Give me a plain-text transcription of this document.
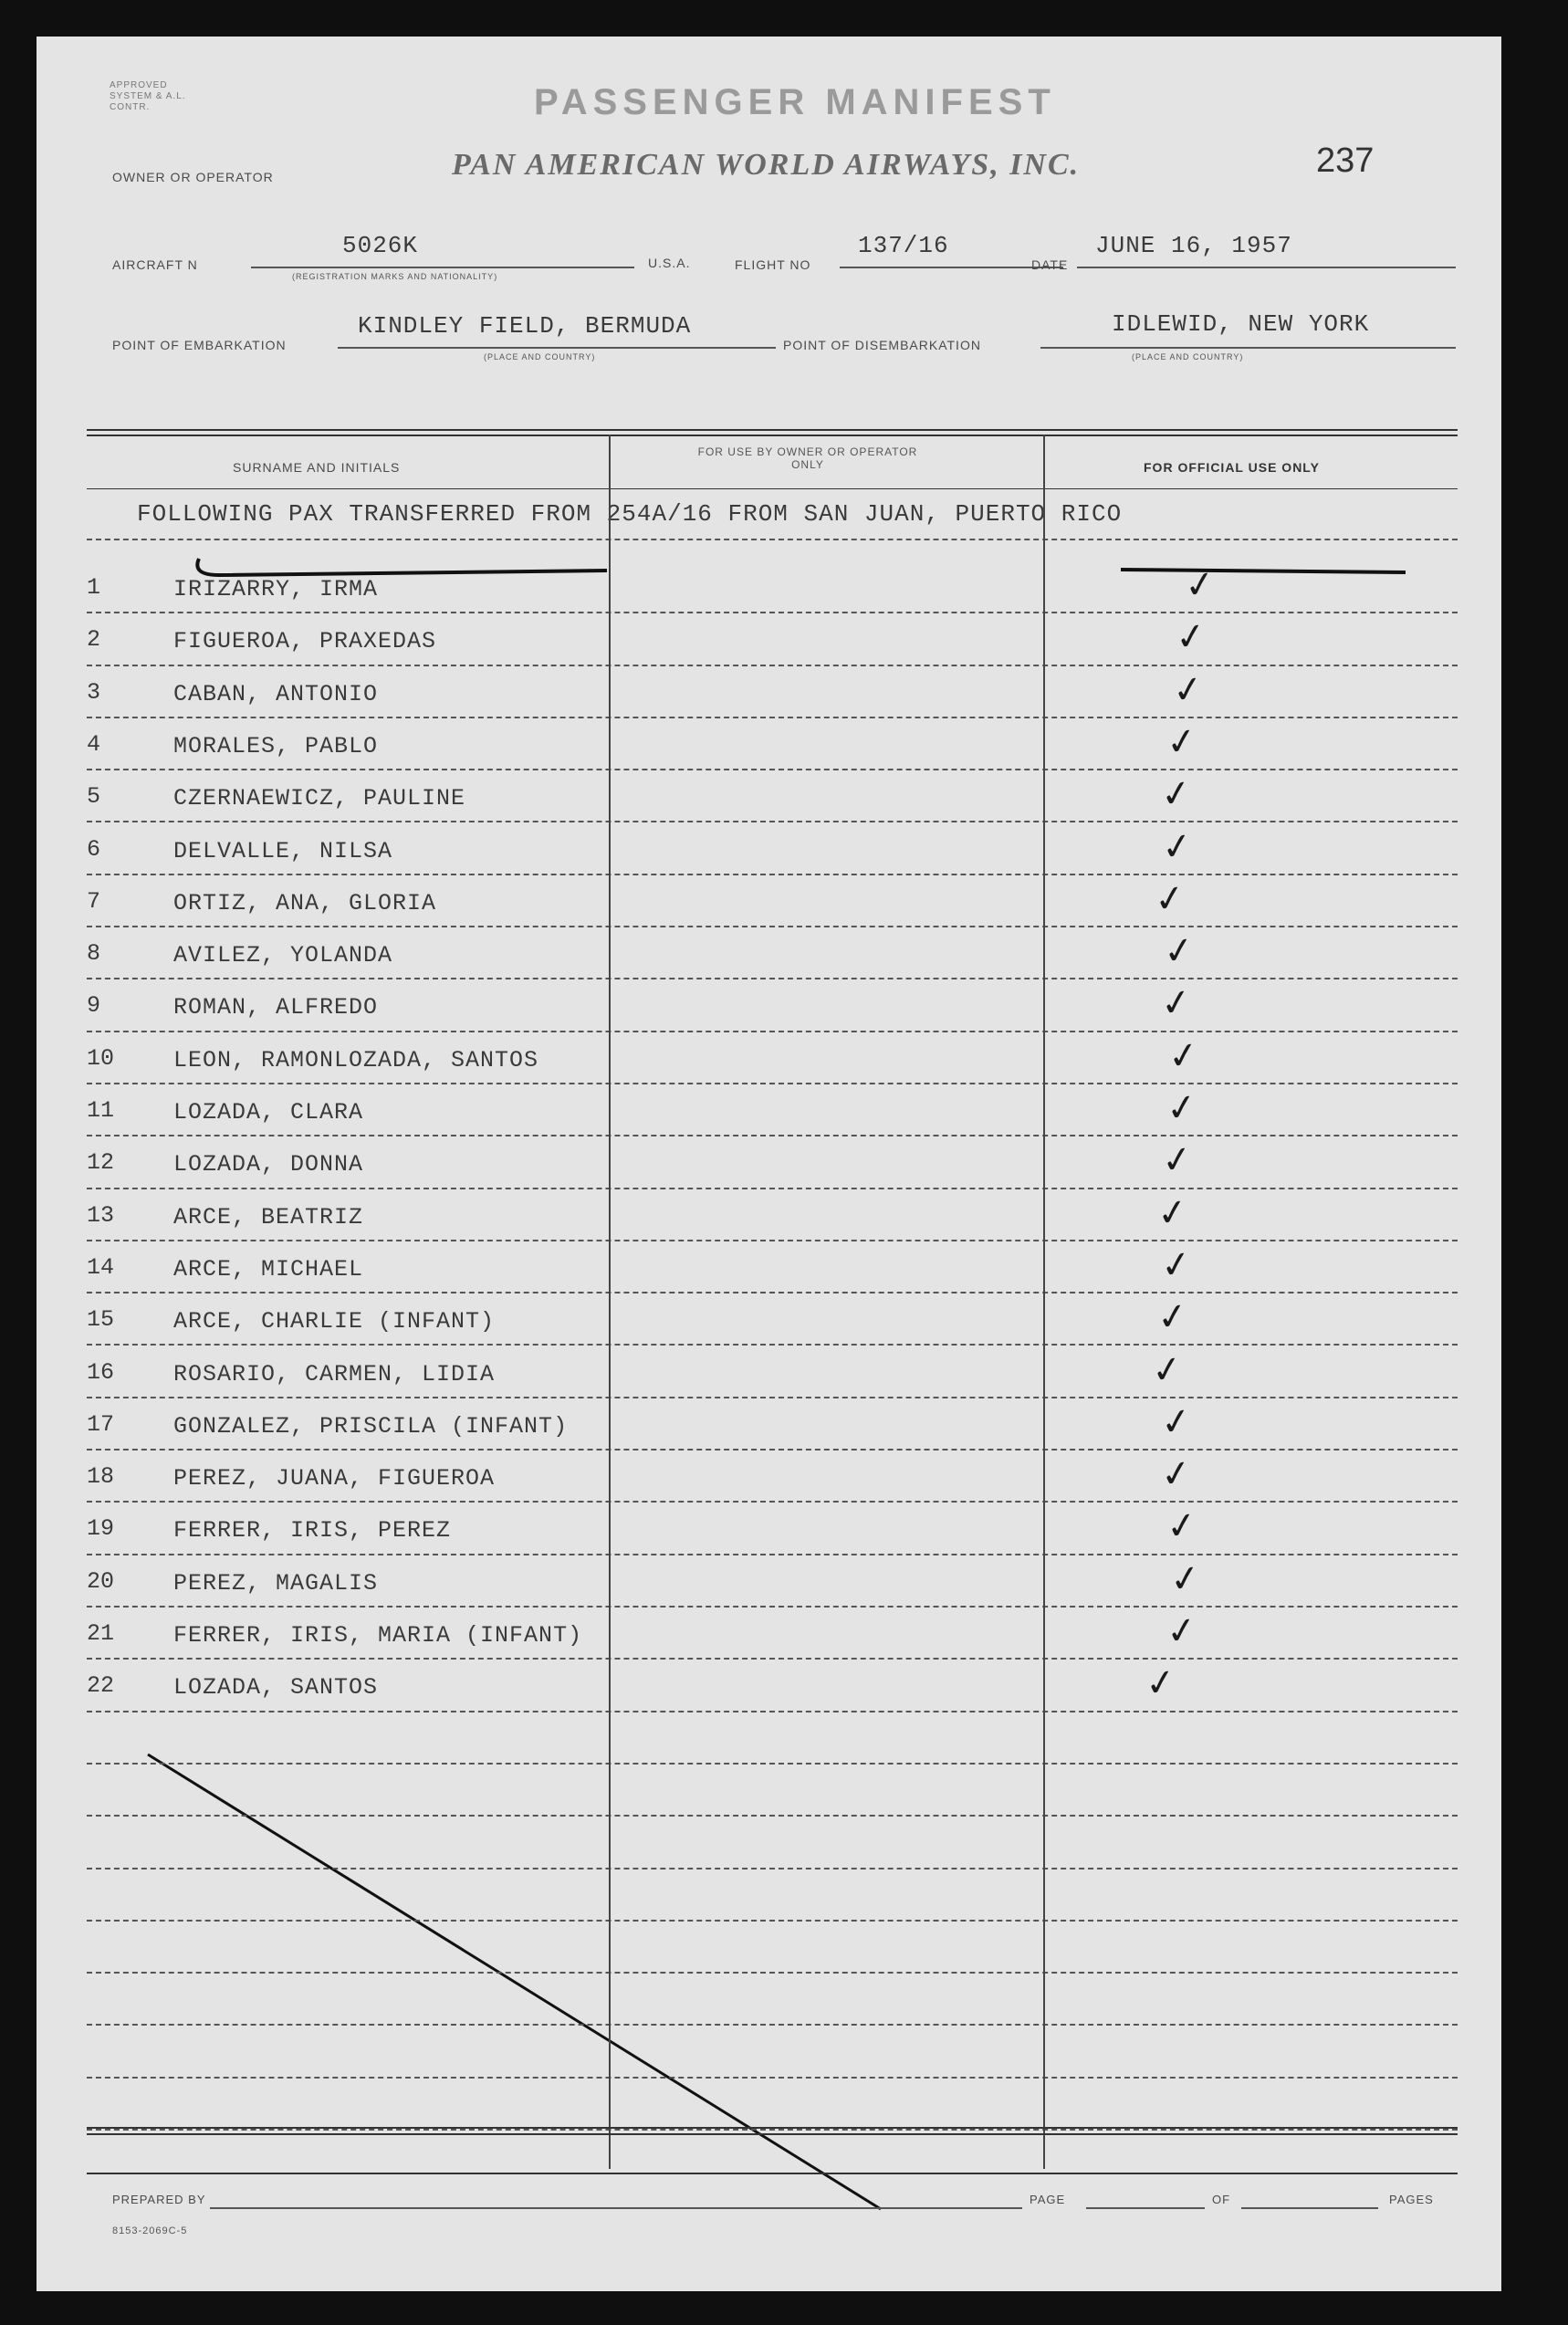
APPROVED SYSTEM & A.L. CONTR.	PASSENGER MANIFEST
237
OWNER OR OPERATOR	PAN AMERICAN WORLD AIRWAYS, INC.
AIRCRAFT N
5026K
(REGISTRATION MARKS AND NATIONALITY)
U.S.A.	FLIGHT NO
137/16
DATE
JUNE 16, 1957
POINT OF EMBARKATION
KINDLEY FIELD, BERMUDA
(PLACE AND COUNTRY)
POINT OF DISEMBARKATION
IDLEWID, NEW YORK
(PLACE AND COUNTRY)
SURNAME AND INITIALS
FOR USE BY OWNER OR OPERATOR ONLY	FOR OFFICIAL USE ONLY
FOLLOWING PAX TRANSFERRED FROM 254A/16 FROM SAN JUAN, PUERTO RICO
1	IRIZARRY, IRMA	✓
2	FIGUEROA, PRAXEDAS	✓
3	CABAN, ANTONIO	✓
4	MORALES, PABLO	✓
5	CZERNAEWICZ, PAULINE	✓
6	DELVALLE, NILSA	✓
7	ORTIZ, ANA, GLORIA	✓
8	AVILEZ, YOLANDA	✓
9	ROMAN, ALFREDO	✓
10	LEON, RAMONLOZADA, SANTOS	✓
11	LOZADA, CLARA	✓
12	LOZADA, DONNA	✓
13	ARCE, BEATRIZ	✓
14	ARCE, MICHAEL	✓
15	ARCE, CHARLIE (INFANT)	✓
16	ROSARIO, CARMEN, LIDIA	✓
17	GONZALEZ, PRISCILA (INFANT)	✓
18	PEREZ, JUANA, FIGUEROA	✓
19	FERRER, IRIS, PEREZ	✓
20	PEREZ, MAGALIS	✓
21	FERRER, IRIS, MARIA (INFANT)	✓
22	LOZADA, SANTOS	✓
PREPARED BY	PAGE	OF	PAGES
8153-2069C-5
